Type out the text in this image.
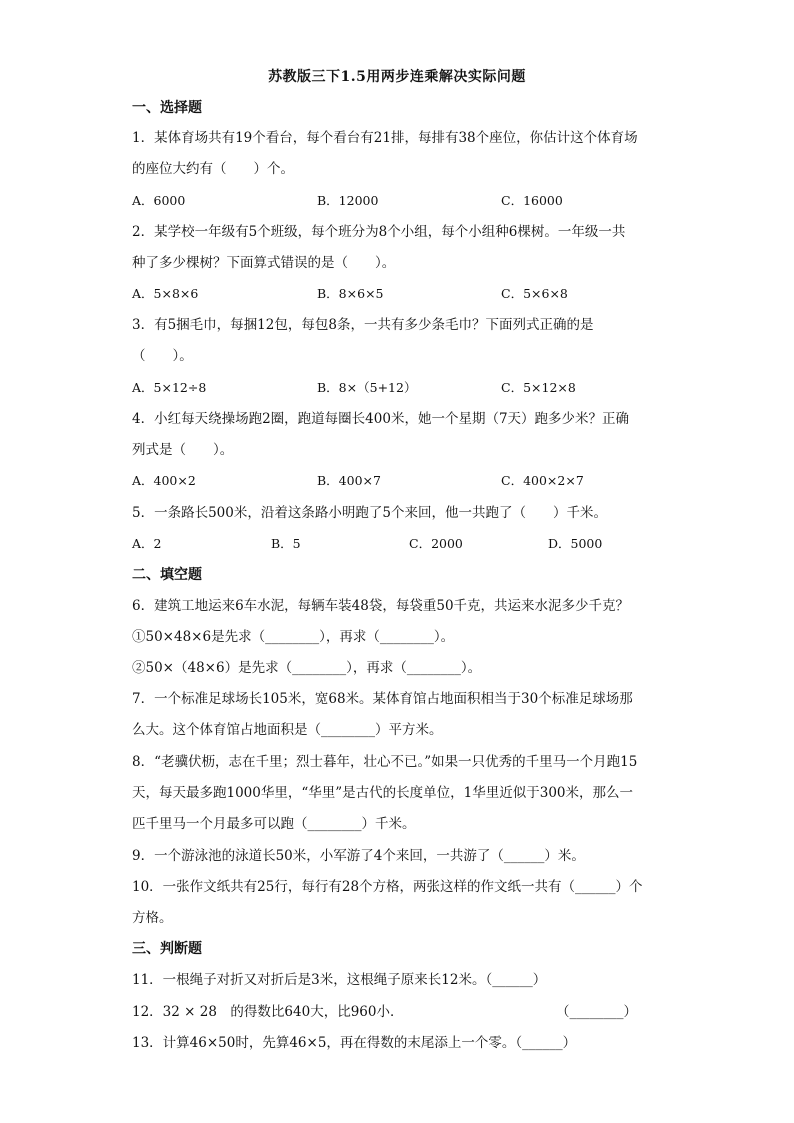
苏教版三下1.5用两步连乘解决实际问题
一、选择题
1．某体育场共有19个看台，每个看台有21排，每排有38个座位，你估计这个体育场
的座位大约有（　　）个。
A．6000	B．12000	C．16000
2．某学校一年级有5个班级，每个班分为8个小组，每个小组种6棵树。一年级一共
种了多少棵树？下面算式错误的是（　　）。
A．5×8×6	B．8×6×5	C．5×6×8
3．有5捆毛巾，每捆12包，每包8条，一共有多少条毛巾？下面列式正确的是
（　　）。
A．5×12÷8	B．8×（5+12）	C．5×12×8
4．小红每天绕操场跑2圈，跑道每圈长400米，她一个星期（7天）跑多少米？正确
列式是（　　）。
A．400×2	B．400×7	C．400×2×7
5．一条路长500米，沿着这条路小明跑了5个来回，他一共跑了（　　）千米。
A．2	B．5	C．2000	D．5000
二、填空题
6．建筑工地运来6车水泥，每辆车装48袋，每袋重50千克，共运来水泥多少千克？
①50×48×6是先求（________），再求（________）。
②50×（48×6）是先求（________），再求（________）。
7．一个标准足球场长105米，宽68米。某体育馆占地面积相当于30个标准足球场那
么大。这个体育馆占地面积是（________）平方米。
8．“老骥伏枥，志在千里；烈士暮年，壮心不已。”如果一只优秀的千里马一个月跑15
天，每天最多跑1000华里，“华里”是古代的长度单位，1华里近似于300米，那么一
匹千里马一个月最多可以跑（________）千米。
9．一个游泳池的泳道长50米，小军游了4个来回，一共游了（______）米。
10．一张作文纸共有25行，每行有28个方格，两张这样的作文纸一共有（______）个
方格。
三、判断题
11．一根绳子对折又对折后是3米，这根绳子原来长12米。（______）
12．32 × 28　的得数比640大，比960小．	（________）
13．计算46×50时，先算46×5，再在得数的末尾添上一个零。（______）
